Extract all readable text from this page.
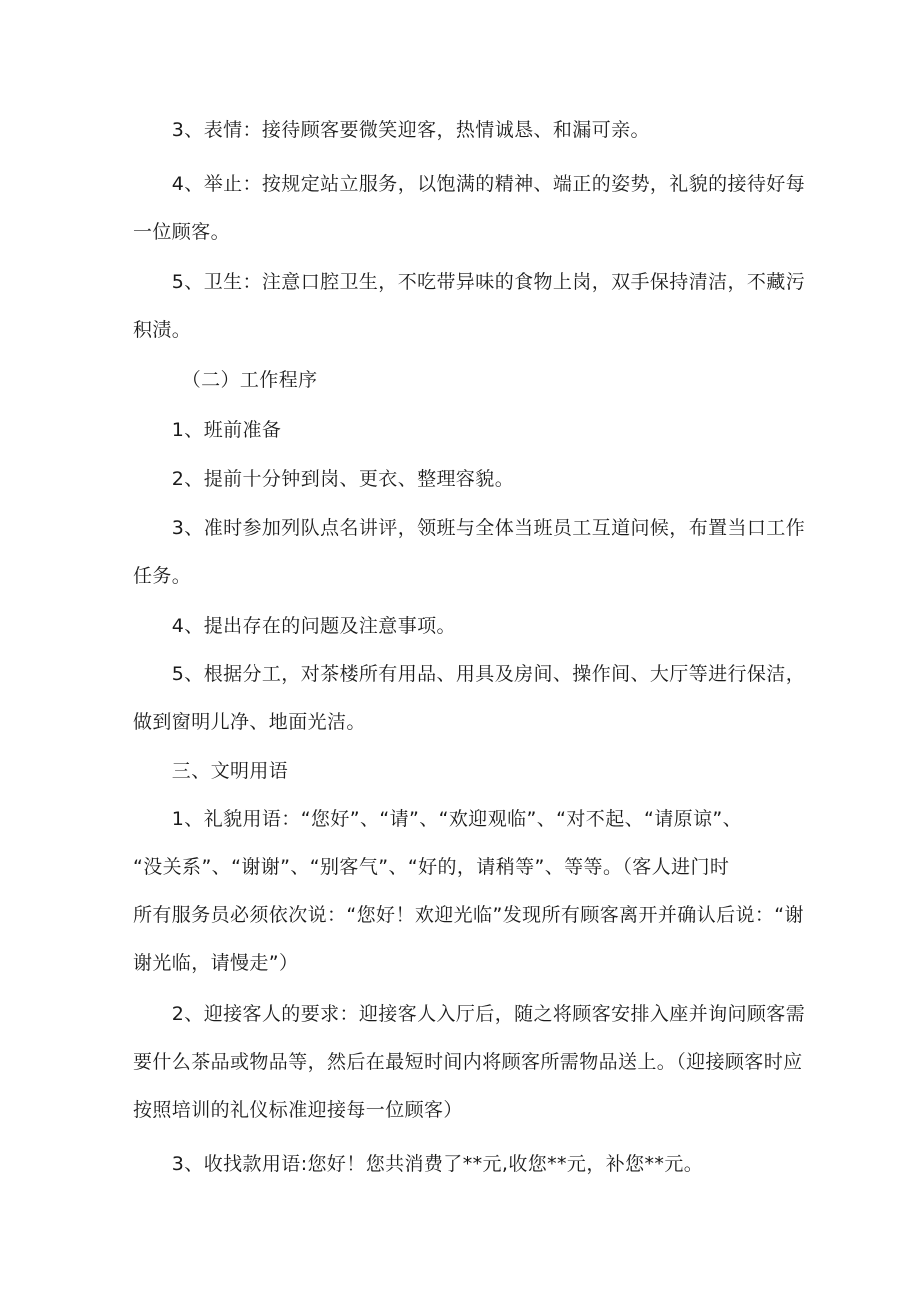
　　3、表情：接待顾客要微笑迎客，热情诚恳、和漏可亲。

　　4、举止：按规定站立服务，以饱满的精神、端正的姿势，礼貌的接待好每
一位顾客。

　　5、卫生：注意口腔卫生，不吃带异味的食物上岗，双手保持清洁，不藏污
积渍。

　　　（二）工作程序

　　1、班前准备

　　2、提前十分钟到岗、更衣、整理容貌。

　　3、准时参加列队点名讲评，领班与全体当班员工互道问候，布置当口工作
任务。

　　4、提出存在的问题及注意事项。

　　5、根据分工，对茶楼所有用品、用具及房间、操作间、大厅等进行保洁，
做到窗明儿净、地面光洁。

　　三、文明用语

　　1、礼貌用语：“您好”、“请”、“欢迎观临”、“对不起、“请原谅”、
“没关系”、“谢谢”、“别客气”、“好的，请稍等”、等等。（客人进门时
所有服务员必须依次说：“您好！欢迎光临”发现所有顾客离开并确认后说：“谢
谢光临，请慢走”）

　　2、迎接客人的要求：迎接客人入厅后，随之将顾客安排入座并询问顾客需
要什么茶品或物品等，然后在最短时间内将顾客所需物品送上。（迎接顾客时应
按照培训的礼仪标准迎接每一位顾客）

　　3、收找款用语:您好！您共消费了**元,收您**元，补您**元。
